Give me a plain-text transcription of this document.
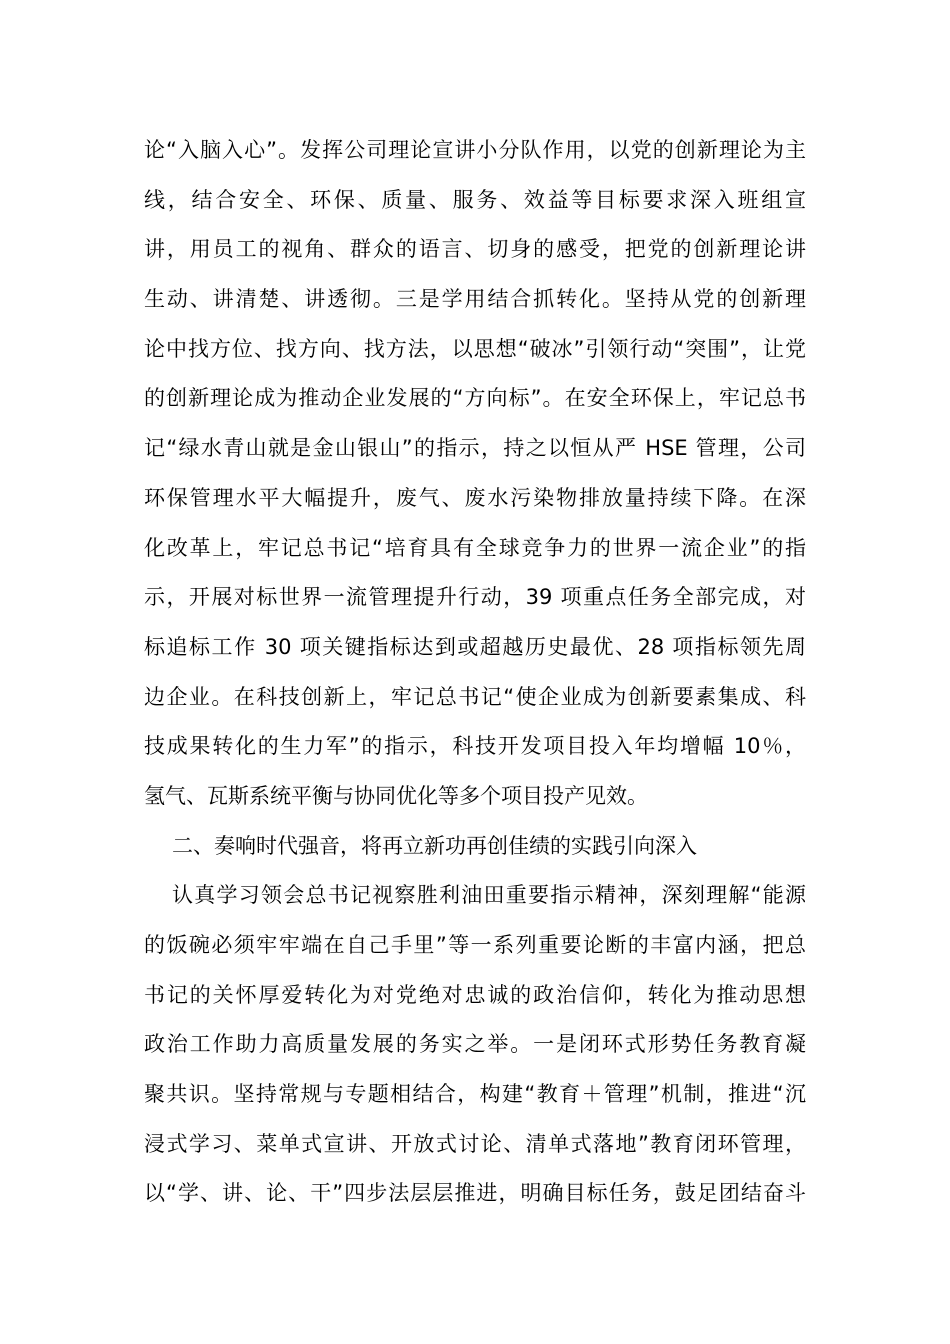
论“入脑入心”。发挥公司理论宣讲小分队作用，以党的创新理论为主
线，结合安全、环保、质量、服务、效益等目标要求深入班组宣
讲，用员工的视角、群众的语言、切身的感受，把党的创新理论讲
生动、讲清楚、讲透彻。三是学用结合抓转化。坚持从党的创新理
论中找方位、找方向、找方法，以思想“破冰”引领行动“突围”，让党
的创新理论成为推动企业发展的“方向标”。在安全环保上，牢记总书
记“绿水青山就是金山银山”的指示，持之以恒从严 HSE 管理，公司
环保管理水平大幅提升，废气、废水污染物排放量持续下降。在深
化改革上，牢记总书记“培育具有全球竞争力的世界一流企业”的指
示，开展对标世界一流管理提升行动，39 项重点任务全部完成，对
标追标工作 30 项关键指标达到或超越历史最优、28 项指标领先周
边企业。在科技创新上，牢记总书记“使企业成为创新要素集成、科
技成果转化的生力军”的指示，科技开发项目投入年均增幅 10％，
氢气、瓦斯系统平衡与协同优化等多个项目投产见效。
二、奏响时代强音，将再立新功再创佳绩的实践引向深入
认真学习领会总书记视察胜利油田重要指示精神，深刻理解“能源
的饭碗必须牢牢端在自己手里”等一系列重要论断的丰富内涵，把总
书记的关怀厚爱转化为对党绝对忠诚的政治信仰，转化为推动思想
政治工作助力高质量发展的务实之举。一是闭环式形势任务教育凝
聚共识。坚持常规与专题相结合，构建“教育＋管理”机制，推进“沉
浸式学习、菜单式宣讲、开放式讨论、清单式落地”教育闭环管理，
以“学、讲、论、干”四步法层层推进，明确目标任务，鼓足团结奋斗
